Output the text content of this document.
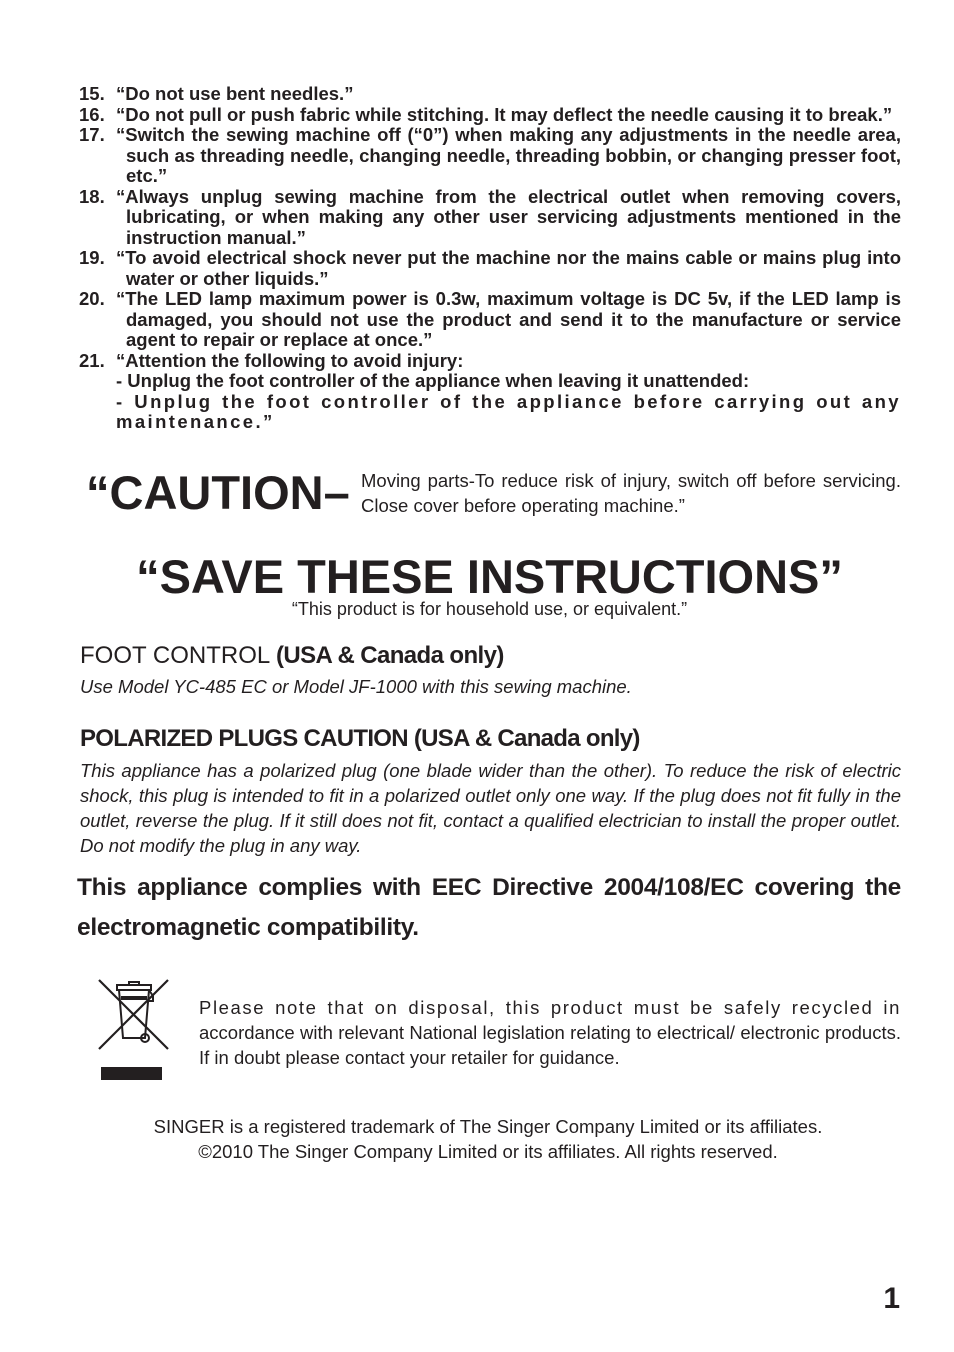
15. “Do not use bent needles.”
16. “Do not pull or push fabric while stitching. It may deflect the needle causing it to break.”
17. “Switch the sewing machine off (“0”) when making any adjustments in the needle area, such as threading needle, changing needle, threading bobbin, or changing presser foot, etc.”
18. “Always unplug sewing machine from the electrical outlet when removing covers, lubricating, or when making any other user servicing adjustments mentioned in the instruction manual.”
19. “To avoid electrical shock never put the machine nor the mains cable or mains plug into water or other liquids.”
20. “The LED lamp maximum power is 0.3w, maximum voltage is DC 5v, if the LED lamp is damaged, you should not use the product and send it to the manufacture or service agent to repair or replace at once.”
21. “Attention the following to avoid injury:
- Unplug the foot controller of the appliance when leaving it unattended:
- Unplug the foot controller of the appliance before carrying out any maintenance.”
“CAUTION– Moving parts-To reduce risk of injury, switch off before servicing. Close cover before operating machine.”
“SAVE THESE INSTRUCTIONS”
“This product is for household use, or equivalent.”
FOOT CONTROL (USA & Canada only)
Use Model YC-485 EC or Model JF-1000 with this sewing machine.
POLARIZED PLUGS CAUTION (USA & Canada only)
This appliance has a polarized plug (one blade wider than the other). To reduce the risk of electric shock, this plug is intended to fit in a polarized outlet only one way. If the plug does not fit fully in the outlet, reverse the plug. If it still does not fit, contact a qualified electrician to install the proper outlet. Do not modify the plug in any way.
This appliance complies with EEC Directive 2004/108/EC covering the electromagnetic compatibility.
Please note that on disposal, this product must be safely recycled in accordance with relevant National legislation relating to electrical/ electronic products. If in doubt please contact your retailer for guidance.
SINGER is a registered trademark of The Singer Company Limited or its affiliates.
©2010 The Singer Company Limited or its affiliates. All rights reserved.
1
